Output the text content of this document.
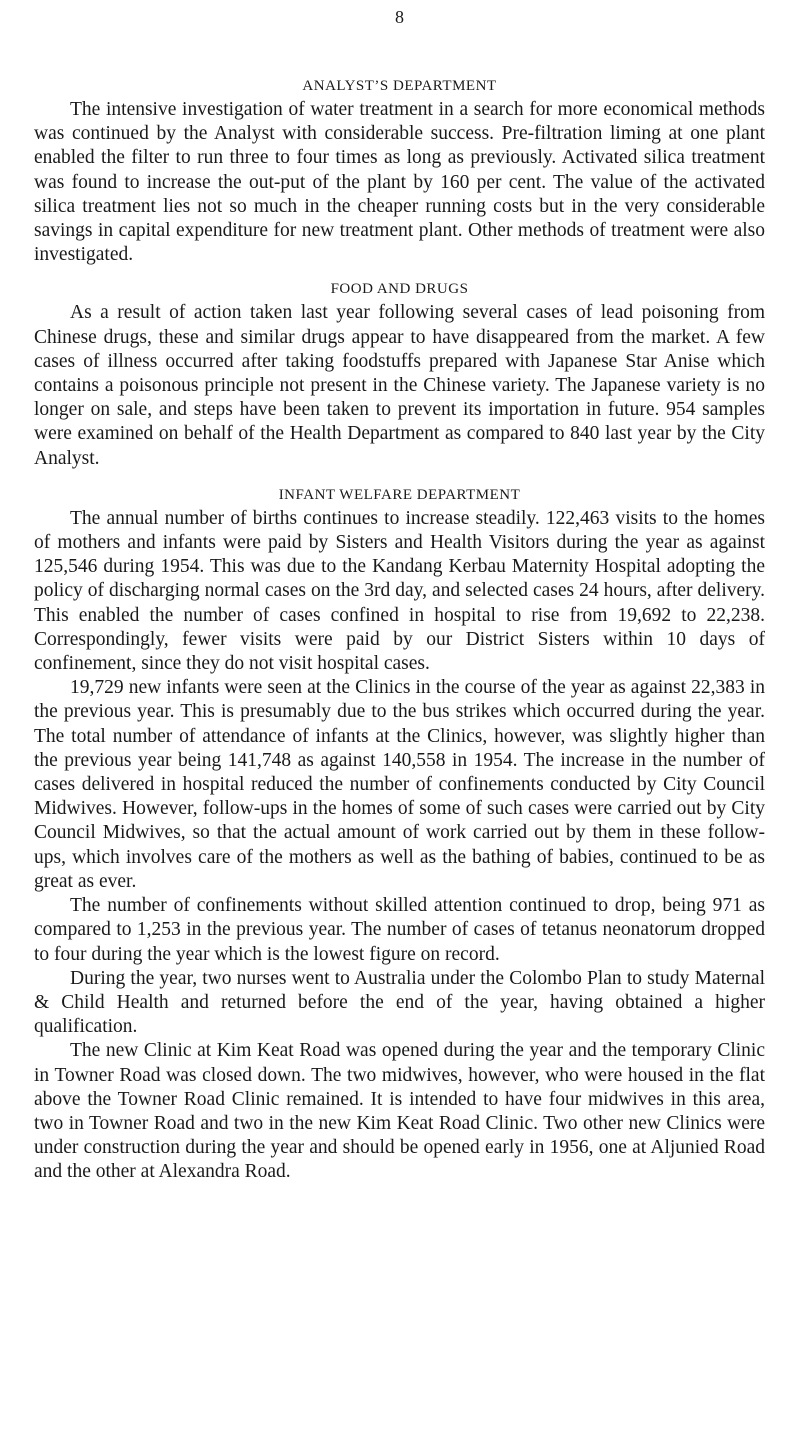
8
ANALYST’S DEPARTMENT

The intensive investigation of water treatment in a search for more economical methods was continued by the Analyst with considerable success. Pre-filtration liming at one plant enabled the filter to run three to four times as long as previously. Activated silica treatment was found to increase the out-put of the plant by 160 per cent. The value of the activated silica treatment lies not so much in the cheaper running costs but in the very considerable savings in capital expenditure for new treatment plant. Other methods of treatment were also investigated.

FOOD AND DRUGS

As a result of action taken last year following several cases of lead poisoning from Chinese drugs, these and similar drugs appear to have disappeared from the market. A few cases of illness occurred after taking foodstuffs prepared with Japanese Star Anise which contains a poisonous principle not present in the Chinese variety. The Japanese variety is no longer on sale, and steps have been taken to prevent its importation in future. 954 samples were examined on behalf of the Health Department as compared to 840 last year by the City Analyst.

INFANT WELFARE DEPARTMENT

The annual number of births continues to increase steadily. 122,463 visits to the homes of mothers and infants were paid by Sisters and Health Visitors during the year as against 125,546 during 1954. This was due to the Kandang Kerbau Maternity Hospital adopting the policy of discharging normal cases on the 3rd day, and selected cases 24 hours, after delivery. This enabled the number of cases confined in hospital to rise from 19,692 to 22,238. Correspondingly, fewer visits were paid by our District Sisters within 10 days of confinement, since they do not visit hospital cases.

19,729 new infants were seen at the Clinics in the course of the year as against 22,383 in the previous year. This is presumably due to the bus strikes which occurred during the year. The total number of attendance of infants at the Clinics, however, was slightly higher than the previous year being 141,748 as against 140,558 in 1954. The increase in the number of cases delivered in hospital reduced the number of confinements conducted by City Council Midwives. However, follow-ups in the homes of some of such cases were carried out by City Council Midwives, so that the actual amount of work carried out by them in these follow-ups, which involves care of the mothers as well as the bathing of babies, continued to be as great as ever.

The number of confinements without skilled attention continued to drop, being 971 as compared to 1,253 in the previous year. The number of cases of tetanus neonatorum dropped to four during the year which is the lowest figure on record.

During the year, two nurses went to Australia under the Colombo Plan to study Maternal & Child Health and returned before the end of the year, having obtained a higher qualification.

The new Clinic at Kim Keat Road was opened during the year and the temporary Clinic in Towner Road was closed down. The two midwives, however, who were housed in the flat above the Towner Road Clinic remained. It is intended to have four midwives in this area, two in Towner Road and two in the new Kim Keat Road Clinic. Two other new Clinics were under construction during the year and should be opened early in 1956, one at Aljunied Road and the other at Alexandra Road.
